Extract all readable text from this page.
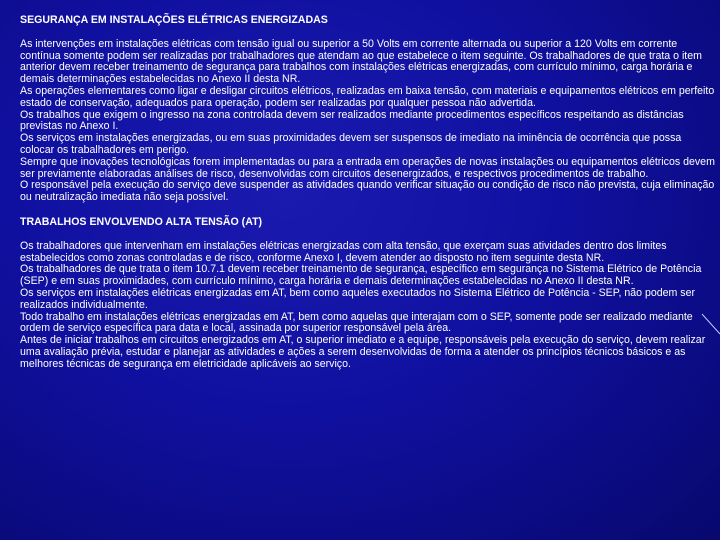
SEGURANÇA EM INSTALAÇÕES ELÉTRICAS ENERGIZADAS

As intervenções em instalações elétricas com tensão igual ou superior a 50 Volts em corrente alternada ou superior a 120 Volts em corrente contínua somente podem ser realizadas por trabalhadores que atendam ao que estabelece o item seguinte. Os trabalhadores de que trata o item anterior devem receber treinamento de segurança para trabalhos com instalações elétricas energizadas, com currículo mínimo, carga horária e demais determinações estabelecidas no Anexo II desta NR.

As operações elementares como ligar e desligar circuitos elétricos, realizadas em baixa tensão, com materiais e equipamentos elétricos em perfeito estado de conservação, adequados para operação, podem ser realizadas por qualquer pessoa não advertida.

Os trabalhos que exigem o ingresso na zona controlada devem ser realizados mediante procedimentos específicos respeitando as distâncias previstas no Anexo I.

Os serviços em instalações energizadas, ou em suas proximidades devem ser suspensos de imediato na iminência de ocorrência que possa colocar os trabalhadores em perigo.

Sempre que inovações tecnológicas forem implementadas ou para a entrada em operações de novas instalações ou equipamentos elétricos devem ser previamente elaboradas análises de risco, desenvolvidas com circuitos desenergizados, e respectivos procedimentos de trabalho.

O responsável pela execução do serviço deve suspender as atividades quando verificar situação ou condição de risco não prevista, cuja eliminação ou neutralização imediata não seja possível.

TRABALHOS ENVOLVENDO ALTA TENSÃO (AT)

Os trabalhadores que intervenham em instalações elétricas energizadas com alta tensão, que exerçam suas atividades dentro dos limites estabelecidos como zonas controladas e de risco, conforme Anexo I, devem atender ao disposto no item seguinte desta NR.

Os trabalhadores de que trata o item 10.7.1 devem receber treinamento de segurança, específico em segurança no Sistema Elétrico de Potência (SEP) e em suas proximidades, com currículo mínimo, carga horária e demais determinações estabelecidas no Anexo II desta NR.

Os serviços em instalações elétricas energizadas em AT, bem como aqueles executados no Sistema Elétrico de Potência - SEP, não podem ser realizados individualmente.

Todo trabalho em instalações elétricas energizadas em AT, bem como aquelas que interajam com o SEP, somente pode ser realizado mediante ordem de serviço específica para data e local, assinada por superior responsável pela área.

Antes de iniciar trabalhos em circuitos energizados em AT, o superior imediato e a equipe, responsáveis pela execução do serviço, devem realizar uma avaliação prévia, estudar e planejar as atividades e ações a serem desenvolvidas de forma a atender os princípios técnicos básicos e as melhores técnicas de segurança em eletricidade aplicáveis ao serviço.
